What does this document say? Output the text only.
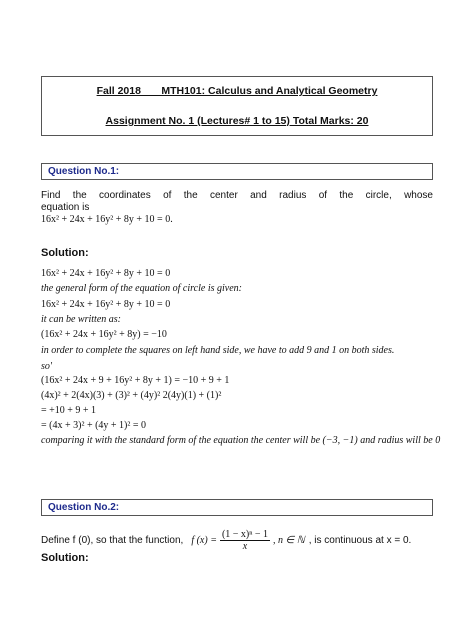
Fall 2018       MTH101: Calculus and Analytical Geometry
Assignment No. 1 (Lectures# 1 to 15) Total Marks: 20
Question No.1:
Find the coordinates of the center and radius of the circle, whose
equation is
16x² + 24x + 16y² + 8y + 10 = 0.
Solution:
16x² + 24x + 16y² + 8y + 10 = 0
the general form of the equation of circle is given:
16x² + 24x + 16y² + 8y + 10 = 0
it can be written as:
(16x² + 24x + 16y² + 8y) = −10
in order to complete the squares on left hand side, we have to add 9 and 1 on both sides.
so'
(16x² + 24x + 9 + 16y² + 8y + 1) = −10 + 9 + 1
(4x)² + 2(4x)(3) + (3)² + (4y)² 2(4y)(1) + (1)²
= +10 + 9 + 1
= (4x + 3)² + (4y + 1)² = 0
comparing it with the standard form of the equation the center will be (−3, −1) and radius will be 0
Question No.2:
Define f (0), so that the function, f $(x) = \frac{\text{(1 − x)ⁿ − 1}}{x}$ , n ∈ ℕ , is continuous at x = 0.
Solution:
